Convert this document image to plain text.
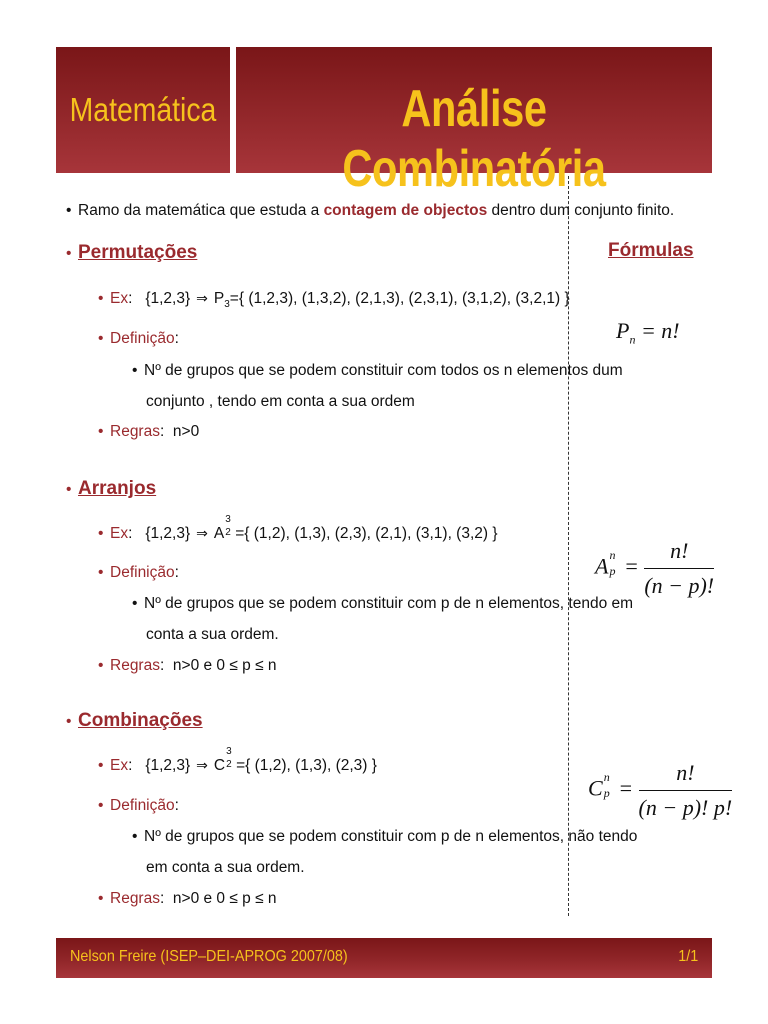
Matemática	Análise Combinatória
• Ramo da matemática que estuda a contagem de objectos dentro dum conjunto finito.
• Permutações
• Ex:   {1,2,3} ⇒ $P_3=${ (1,2,3), (1,3,2), (2,1,3), (2,3,1), (3,1,2), (3,2,1) }
• Definição:
• Nº de grupos que se podem constituir com todos os n elementos dum
conjunto , tendo em conta a sua ordem
• Regras:  n>0
• Arranjos
• Ex:   {1,2,3} ⇒ A
3
2 ={ (1,2), (1,3), (2,3), (2,1), (3,1), (3,2) }
• Definição:
• Nº de grupos que se podem constituir com p de n elementos, tendo em
conta a sua ordem.
• Regras:  n>0 e 0 ≤ p ≤ n
• Combinações
• Ex:   {1,2,3} ⇒ C
3
2 ={ (1,2), (1,3), (2,3) }
• Definição:
• Nº de grupos que se podem constituir com p de n elementos, não tendo
em conta a sua ordem.
• Regras:  n>0 e 0 ≤ p ≤ n
Fórmulas
$P_n = n$!
A n
$p = \frac{n!}{(n - p)!}$
C n
$p = \frac{n!}{(n - p)! p!}$
Nelson Freire (ISEP–DEI-APROG 2007/08)	1/1
